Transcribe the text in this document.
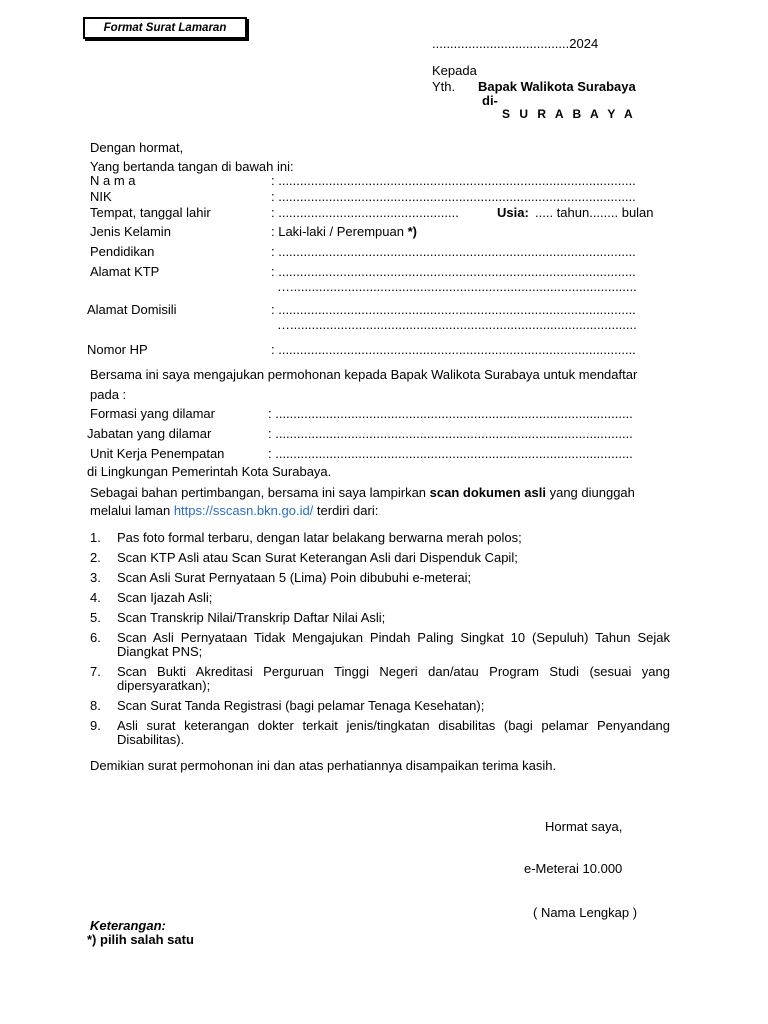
Format Surat Lamaran
......................................2024
Kepada
Yth. Bapak Walikota Surabaya
di-
S U R A B A Y A
Dengan hormat,
Yang bertanda tangan di bawah ini:
N a m a	: ...................................................................................................
NIK	: ...................................................................................................
Tempat, tanggal lahir	: ..................................................	Usia: ..... tahun........ bulan
Jenis Kelamin	: Laki-laki / Perempuan *)
Pendidikan	: ...................................................................................................
Alamat KTP	: ...................................................................................................
…................................................................................................
Alamat Domisili	: ...................................................................................................
…................................................................................................
Nomor HP	: ...................................................................................................
Bersama ini saya mengajukan permohonan kepada Bapak Walikota Surabaya untuk mendaftar
pada :
Formasi yang dilamar	: ...................................................................................................
Jabatan yang dilamar	: ...................................................................................................
Unit Kerja Penempatan	: ...................................................................................................
di Lingkungan Pemerintah Kota Surabaya.
Sebagai bahan pertimbangan, bersama ini saya lampirkan scan dokumen asli yang diunggah
melalui laman https://sscasn.bkn.go.id/ terdiri dari:
1. Pas foto formal terbaru, dengan latar belakang berwarna merah polos;
2. Scan KTP Asli atau Scan Surat Keterangan Asli dari Dispenduk Capil;
3. Scan Asli Surat Pernyataan 5 (Lima) Poin dibubuhi e-meterai;
4. Scan Ijazah Asli;
5. Scan Transkrip Nilai/Transkrip Daftar Nilai Asli;
6. Scan Asli Pernyataan Tidak Mengajukan Pindah Paling Singkat 10 (Sepuluh) Tahun Sejak Diangkat PNS;
7. Scan Bukti Akreditasi Perguruan Tinggi Negeri dan/atau Program Studi (sesuai yang dipersyaratkan);
8. Scan Surat Tanda Registrasi (bagi pelamar Tenaga Kesehatan);
9. Asli surat keterangan dokter terkait jenis/tingkatan disabilitas (bagi pelamar Penyandang Disabilitas).
Demikian surat permohonan ini dan atas perhatiannya disampaikan terima kasih.
Hormat saya,
e-Meterai 10.000
( Nama Lengkap )
Keterangan:
*) pilih salah satu
